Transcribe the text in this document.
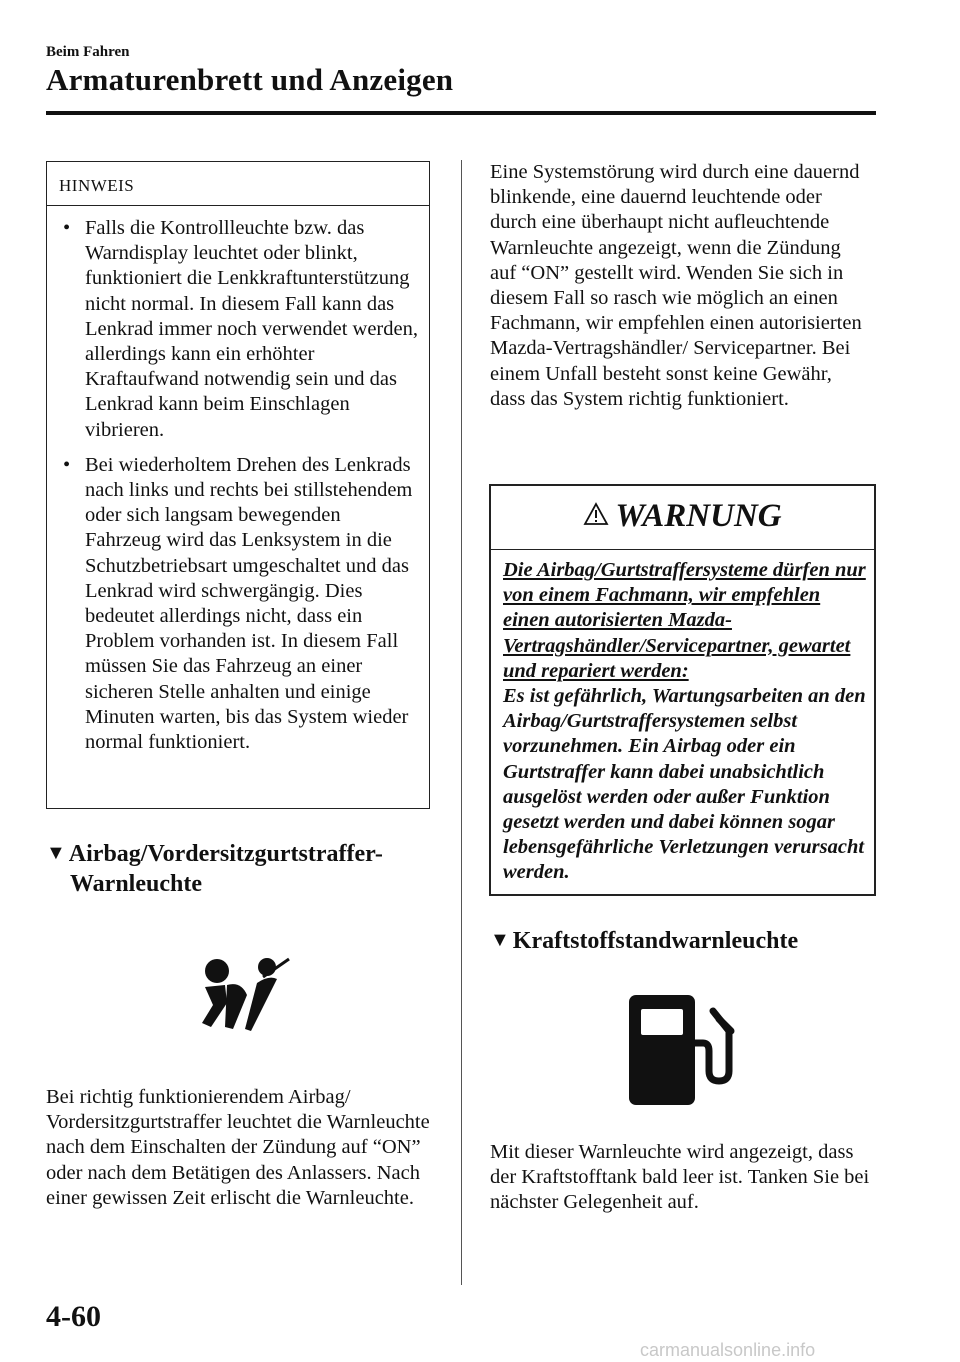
Beim Fahren
Armaturenbrett und Anzeigen
HINWEIS
• Falls die Kontrollleuchte bzw. das Warndisplay leuchtet oder blinkt, funktioniert die Lenkkraftunterstützung nicht normal. In diesem Fall kann das Lenkrad immer noch verwendet werden, allerdings kann ein erhöhter Kraftaufwand notwendig sein und das Lenkrad kann beim Einschlagen vibrieren.
• Bei wiederholtem Drehen des Lenkrads nach links und rechts bei stillstehendem oder sich langsam bewegenden Fahrzeug wird das Lenksystem in die Schutzbetriebsart umgeschaltet und das Lenkrad wird schwergängig. Dies bedeutet allerdings nicht, dass ein Problem vorhanden ist. In diesem Fall müssen Sie das Fahrzeug an einer sicheren Stelle anhalten und einige Minuten warten, bis das System wieder normal funktioniert.
▼ Airbag/Vordersitzgurtstraffer-
Warnleuchte
Bei richtig funktionierendem Airbag/ Vordersitzgurtstraffer leuchtet die Warnleuchte nach dem Einschalten der Zündung auf “ON” oder nach dem Betätigen des Anlassers. Nach einer gewissen Zeit erlischt die Warnleuchte.
Eine Systemstörung wird durch eine dauernd blinkende, eine dauernd leuchtende oder durch eine überhaupt nicht aufleuchtende Warnleuchte angezeigt, wenn die Zündung auf “ON” gestellt wird. Wenden Sie sich in diesem Fall so rasch wie möglich an einen Fachmann, wir empfehlen einen autorisierten Mazda-Vertragshändler/ Servicepartner. Bei einem Unfall besteht sonst keine Gewähr, dass das System richtig funktioniert.
WARNUNG
Die Airbag/Gurtstraffersysteme dürfen nur von einem Fachmann, wir empfehlen einen autorisierten Mazda-Vertragshändler/Servicepartner, gewartet und repariert werden:
Es ist gefährlich, Wartungsarbeiten an den Airbag/Gurtstraffersystemen selbst vorzunehmen. Ein Airbag oder ein Gurtstraffer kann dabei unabsichtlich ausgelöst werden oder außer Funktion gesetzt werden und dabei können sogar lebensgefährliche Verletzungen verursacht werden.
▼ Kraftstoffstandwarnleuchte
Mit dieser Warnleuchte wird angezeigt, dass der Kraftstofftank bald leer ist. Tanken Sie bei nächster Gelegenheit auf.
4-60
carmanualsonline.info
